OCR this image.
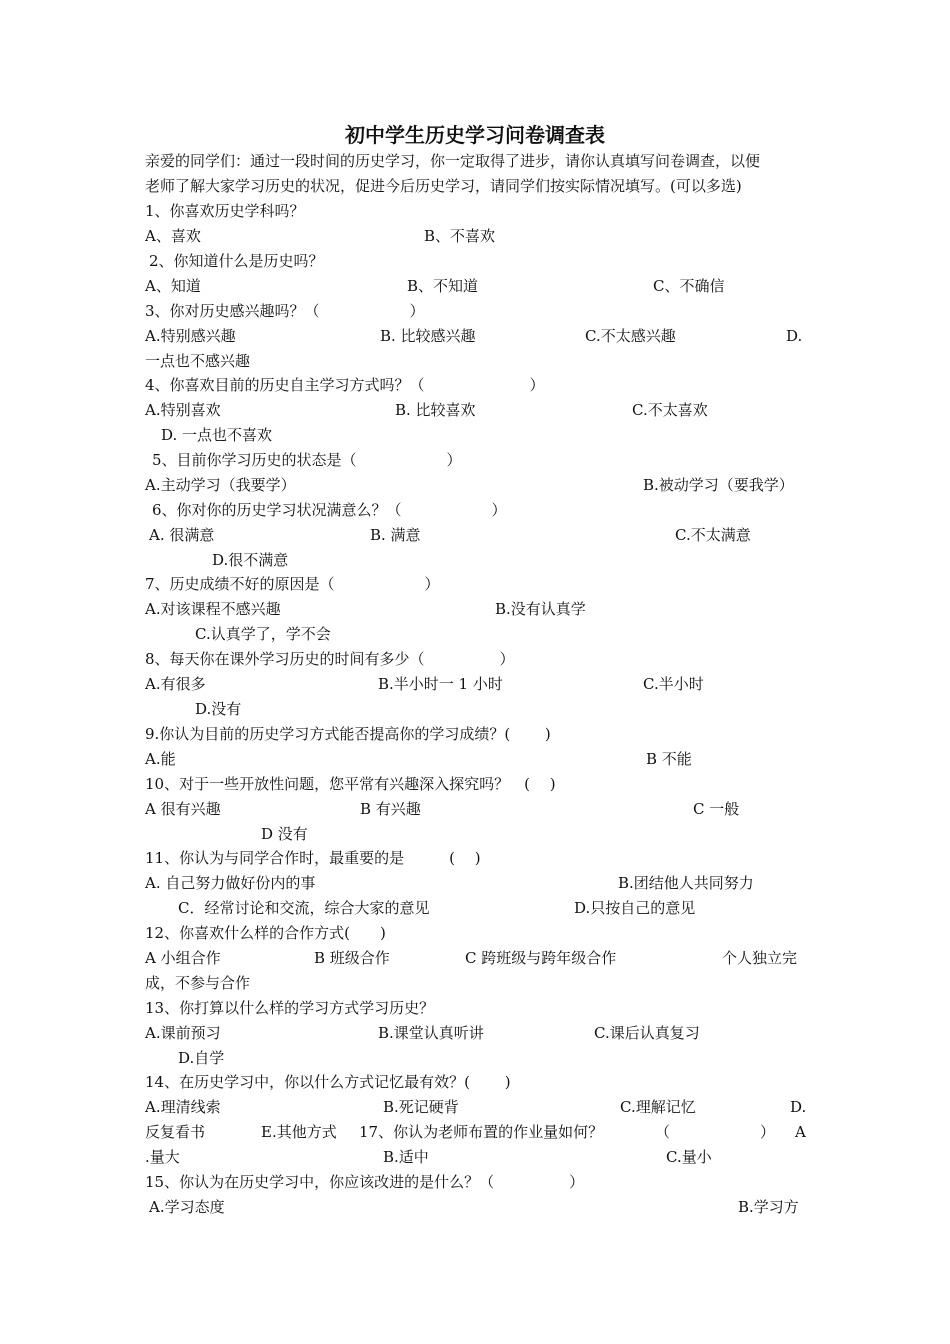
初中学生历史学习问卷调查表
亲爱的同学们：通过一段时间的历史学习，你一定取得了进步，请你认真填写问卷调查，以便
老师了解大家学习历史的状况，促进今后历史学习，请同学们按实际情况填写。(可以多选)
1、你喜欢历史学科吗？
A、喜欢	B、不喜欢
2、你知道什么是历史吗？
A、知道	B、不知道	C、不确信
3、你对历史感兴趣吗？（　　　　　　）
A.特别感兴趣	B. 比较感兴趣	C.不太感兴趣	D.
一点也不感兴趣
4、你喜欢目前的历史自主学习方式吗？（　　　　　　　）
A.特别喜欢	B. 比较喜欢	C.不太喜欢
D. 一点也不喜欢
5、目前你学习历史的状态是（　　　　　　）
A.主动学习（我要学）	B.被动学习（要我学）
6、你对你的历史学习状况满意么？（　　　　　　）
A. 很满意	B. 满意	C.不太满意
D.很不满意
7、历史成绩不好的原因是（　　　　　　）
A.对该课程不感兴趣	B.没有认真学
C.认真学了，学不会
8、每天你在课外学习历史的时间有多少（　　　　　）
A.有很多	B.半小时一 1 小时	C.半小时
D.没有
9.你认为目前的历史学习方式能否提高你的学习成绩？(　　 )
A.能	B 不能
10、对于一些开放性问题，您平常有兴趣深入探究吗？　(　 )
A 很有兴趣	B 有兴趣	C 一般
D 没有
11、你认为与同学合作时，最重要的是　　　(　 )
A. 自己努力做好份内的事	B.团结他人共同努力
C．经常讨论和交流，综合大家的意见	D.只按自己的意见
12、你喜欢什么样的合作方式(　　)
A 小组合作	B 班级合作	C 跨班级与跨年级合作	个人独立完
成，不参与合作
13、你打算以什么样的学习方式学习历史？
A.课前预习	B.课堂认真听讲	C.课后认真复习
D.自学
14、在历史学习中，你以什么方式记忆最有效？(　　 )
A.理清线索	B.死记硬背	C.理解记忆	D.
反复看书	E.其他方式 17、你认为老师布置的作业量如何？	（　　　　　　） A
.量大	B.适中	C.量小
15、你认为在历史学习中，你应该改进的是什么？（　　　　　）
A.学习态度	B.学习方
